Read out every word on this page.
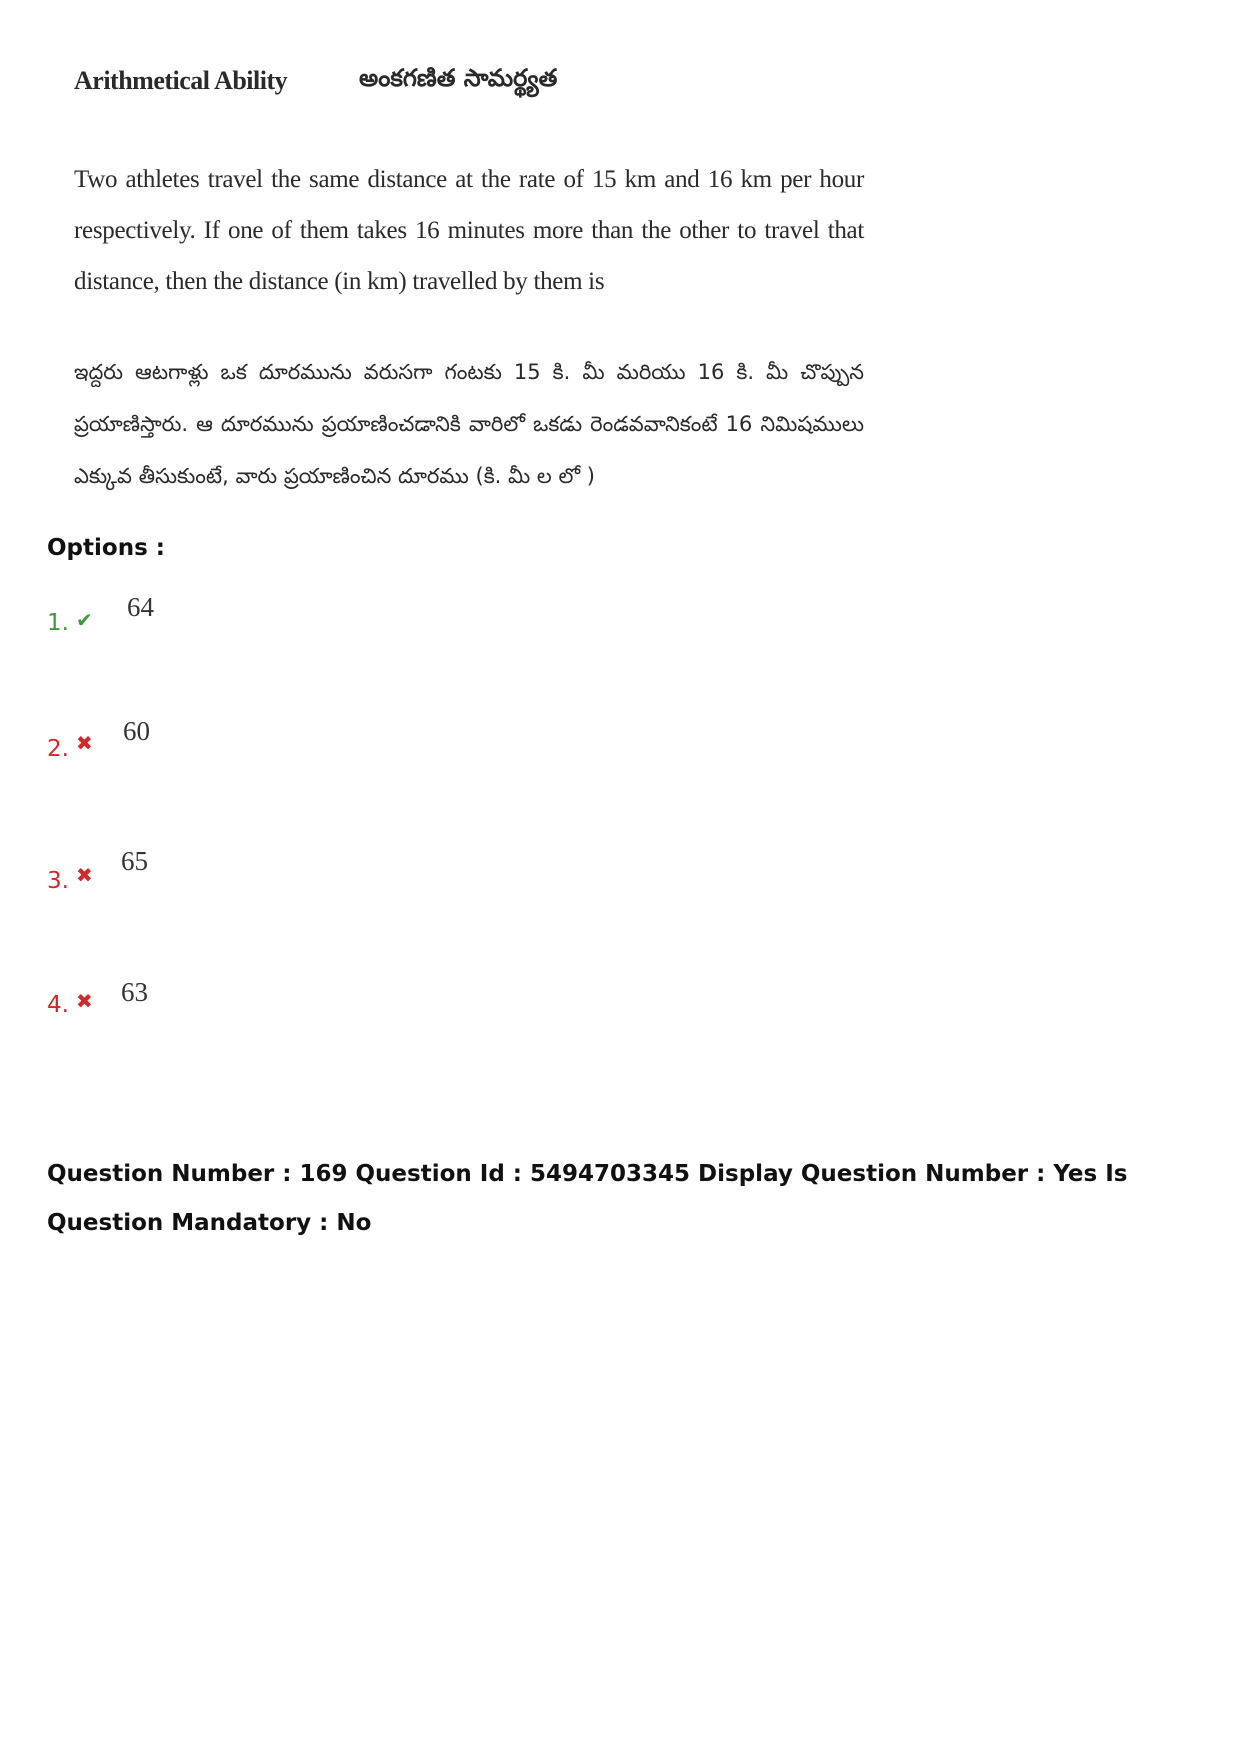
Arithmetical Ability	అంకగణిత సామర్థ్యత
Two athletes travel the same distance at the rate of 15 km and 16 km per hour respectively. If one of them takes 16 minutes more than the other to travel that distance, then the distance (in km) travelled by them is
ఇద్దరు ఆటగాళ్లు ఒక దూరమును వరుసగా గంటకు 15 కి. మీ మరియు 16 కి. మీ చొప్పున ప్రయాణిస్తారు. ఆ దూరమును ప్రయాణించడానికి వారిలో ఒకడు రెండవవానికంటే 16 నిమిషములు ఎక్కువ తీసుకుంటే, వారు ప్రయాణించిన దూరము (కి. మీ ల లో )
Options :
1. ✔ 64
2. ✖ 60
3. ✖ 65
4. ✖ 63
Question Number : 169 Question Id : 5494703345 Display Question Number : Yes Is Question Mandatory : No
